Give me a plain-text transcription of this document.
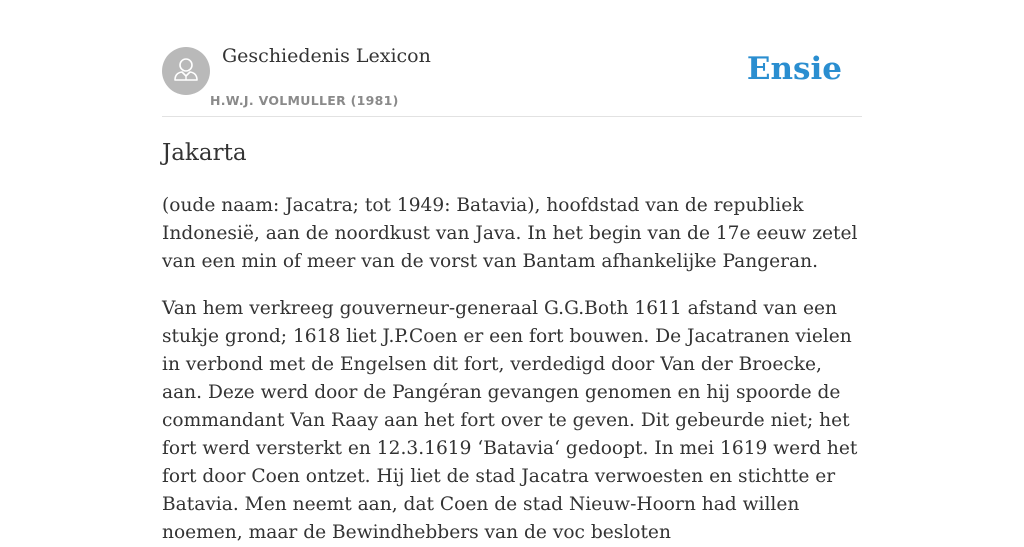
Geschiedenis Lexicon
H.W.J. VOLMULLER (1981)
Ensie
Jakarta

(oude naam: Jacatra; tot 1949: Batavia), hoofdstad van de republiek Indonesië, aan de noordkust van Java. In het begin van de 17e eeuw zetel van een min of meer van de vorst van Bantam afhankelijke Pangeran.

Van hem verkreeg gouverneur-generaal G.G.Both 1611 afstand van een stukje grond; 1618 liet J.P.Coen er een fort bouwen. De Jacatranen vielen in verbond met de Engelsen dit fort, verdedigd door Van der Broecke, aan. Deze werd door de Pangéran gevangen genomen en hij spoorde de commandant Van Raay aan het fort over te geven. Dit gebeurde niet; het fort werd versterkt en 12.3.1619 ‘Batavia‘ gedoopt. In mei 1619 werd het fort door Coen ontzet. Hij liet de stad Jacatra verwoesten en stichtte er Batavia. Men neemt aan, dat Coen de stad Nieuw-Hoorn had willen noemen, maar de Bewindhebbers van de voc besloten
